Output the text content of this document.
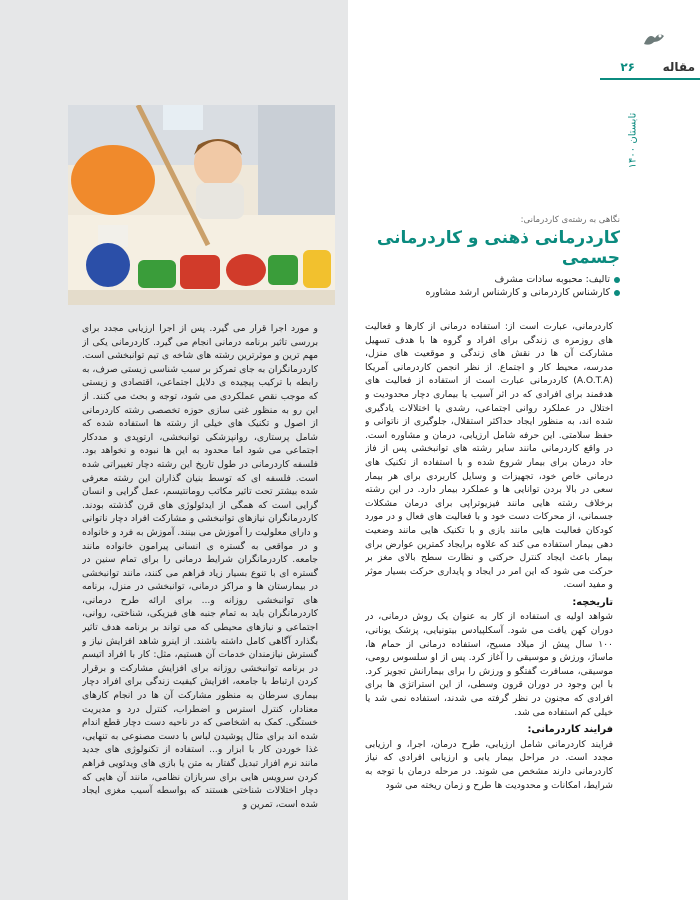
۲۶ مقاله
تابستان ۱۴۰۰
نگاهی به رشته‌ی کاردرمانی:
کاردرمانی ذهنی و کاردرمانی جسمی
تالیف: محبوبه سادات مشرف
کارشناس کاردرمانی و کارشناس ارشد مشاوره

کاردرمانی، عبارت است از: استفاده درمانی از کارها و فعالیت های روزمره ی زندگی برای افراد و گروه ها با هدف تسهیل مشارکت آن ها در نقش های زندگی و موقعیت های منزل، مدرسه، محیط کار و اجتماع. از نظر انجمن کاردرمانی آمریکا (A.O.T.A) کاردرمانی عبارت است از استفاده از فعالیت های هدفمند برای افرادی که در اثر آسیب یا بیماری دچار محدودیت و اختلال در عملکرد روانی اجتماعی، رشدی یا اختلالات یادگیری شده اند، به منظور ایجاد حداکثر استقلال، جلوگیری از ناتوانی و حفظ سلامتی. این حرفه شامل ارزیابی، درمان و مشاوره است. در واقع کاردرمانی مانند سایر رشته های توانبخشی پس از فاز حاد درمان برای بیمار شروع شده و با استفاده از تکنیک های درمانی خاص خود، تجهیزات و وسایل کاربردی برای هر بیمار سعی در بالا بردن توانایی ها و عملکرد بیمار دارد. در این رشته برخلاف رشته هایی مانند فیزیوتراپی برای درمان مشکلات جسمانی، از محرکات دست خود و با فعالیت های فعال و در مورد کودکان فعالیت هایی مانند بازی و با تکنیک هایی مانند وضعیت دهی بیمار استفاده می کند که علاوه برایجاد کمترین عوارض برای بیمار باعث ایجاد کنترل حرکتی و نظارت سطح بالای مغز بر حرکت می شود که این امر در ایجاد و پایداری حرکت بسیار موثر و مفید است.

تاریخچه:

شواهد اولیه ی استفاده از کار به عنوان یک روش درمانی، در دوران کهن یافت می شود. آسکلپیادس بیتونیایی، پزشک یونانی، ۱۰۰ سال پیش از میلاد مسیح، استفاده درمانی از حمام ها، ماساژ، ورزش و موسیقی را آغاز کرد. پس از او سلسوس رومی، موسیقی، مسافرت گفتگو و ورزش را برای بیمارانش تجویز کرد. با این وجود در دوران قرون وسطی، از این استراتژی ها برای افرادی که مجنون در نظر گرفته می شدند، استفاده نمی شد یا خیلی کم استفاده می شد.

فرایند کاردرمانی:

فرایند کاردرمانی شامل ارزیابی، طرح درمان، اجرا، و ارزیابی مجدد است. در مراحل بیمار یابی و ارزیابی افرادی که نیاز کاردرمانی دارند مشخص می شوند. در مرحله درمان با توجه به شرایط، امکانات و محدودیت ها طرح و زمان ریخته می شود

و مورد اجرا قرار می گیرد. پس از اجرا ارزیابی مجدد برای بررسی تاثیر برنامه درمانی انجام می گیرد. کاردرمانی یکی از مهم ترین و موثرترین رشته های شاخه ی تیم توانبخشی است. کاردرمانگران به جای تمرکز بر سبب شناسی زیستی صرف، به رابطه با ترکیب پیچیده ی دلایل اجتماعی، اقتصادی و زیستی که موجب نقص عملکردی می شود، توجه و بحث می کنند. از این رو به منظور غنی سازی حوزه تخصصی رشته کاردرمانی از اصول و تکنیک های خیلی از رشته ها استفاده شده که شامل پرستاری، روانپزشکی توانبخشی، ارتوپدی و مددکار اجتماعی می شود اما محدود به این ها نبوده و نخواهد بود. فلسفه کاردرمانی در طول تاریخ این رشته دچار تغییراتی شده است. فلسفه ای که توسط بنیان گذاران این رشته معرفی شده بیشتر تحت تاثیر مکاتب رومانتیسم، عمل گرایی و انسان گرایی است که همگی از ایدئولوژی های قرن گذشته بودند. کاردرمانگران نیازهای توانبخشی و مشارکت افراد دچار ناتوانی و دارای معلولیت را آموزش می بینند. آموزش به فرد و خانواده و در مواقعی به گستره ی انسانی پیرامون خانواده مانند جامعه. کاردرمانگران شرایط درمانی را برای تمام سنین در گستره ای با تنوع بسیار زیاد فراهم می کنند، مانند توانبخشی در بیمارستان ها و مراکز درمانی، توانبخشی در منزل، برنامه های توانبخشی روزانه و... برای ارائه طرح درمانی، کاردرمانگران باید به تمام جنبه های فیزیکی، شناختی، روانی، اجتماعی و نیازهای محیطی که می تواند بر برنامه هدف تاثیر بگذارد آگاهی کامل داشته باشند. از اینرو شاهد افزایش نیاز و گسترش نیازمندان خدمات آن هستیم، مثل: کار با افراد اتیسم در برنامه توانبخشی روزانه برای افزایش مشارکت و برقرار کردن ارتباط با جامعه، افزایش کیفیت زندگی برای افراد دچار بیماری سرطان به منظور مشارکت آن ها در انجام کارهای معنادار، کنترل استرس و اضطراب، کنترل درد و مدیریت خستگی. کمک به اشخاصی که در ناحیه دست دچار قطع اندام شده اند برای مثال پوشیدن لباس با دست مصنوعی به تنهایی، غذا خوردن کار با ابزار و... استفاده از تکنولوژی های جدید مانند نرم افزار تبدیل گفتار به متن یا بازی های ویدئویی فراهم کردن سرویس هایی برای سربازان نظامی، مانند آن هایی که دچار اختلالات شناختی هستند که بواسطه آسیب مغزی ایجاد شده است، تمرین و
